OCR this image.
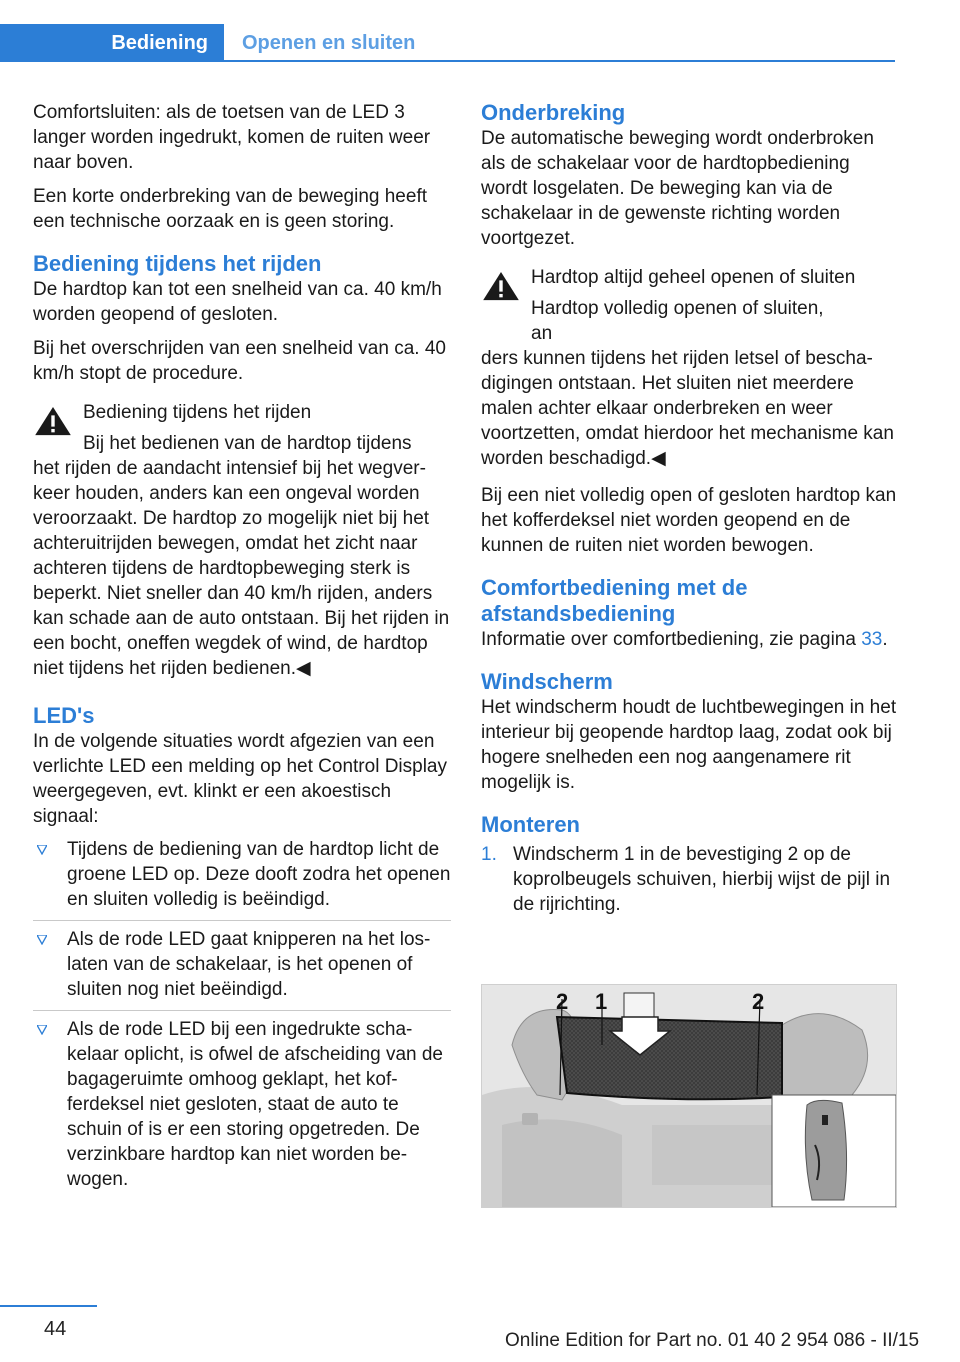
Bediening Openen en sluiten

Comfortsluiten: als de toetsen van de LED 3 langer worden ingedrukt, komen de ruiten weer naar boven.

Een korte onderbreking van de beweging heeft een technische oorzaak en is geen storing.

Bediening tijdens het rijden

De hardtop kan tot een snelheid van ca. 40 km/h worden geopend of gesloten.

Bij het overschrijden van een snelheid van ca. 40 km/h stopt de procedure.

Bediening tijdens het rijden
Bij het bedienen van de hardtop tijdens

het rijden de aandacht intensief bij het wegverkeer houden, anders kan een ongeval worden veroorzaakt. De hardtop zo mogelijk niet bij het achteruitrijden bewegen, omdat het zicht naar achteren tijdens de hardtopbeweging sterk is beperkt. Niet sneller dan 40 km/h rijden, anders kan schade aan de auto ontstaan. Bij het rijden in een bocht, oneffen wegdek of wind, de hardtop niet tijdens het rijden bedienen.◀

LED's

In de volgende situaties wordt afgezien van een verlichte LED een melding op het Control Display weergegeven, evt. klinkt er een akoestisch signaal:

Tijdens de bediening van de hardtop licht de groene LED op. Deze dooft zodra het openen en sluiten volledig is beëindigd.
Als de rode LED gaat knipperen na het loslaten van de schakelaar, is het openen of sluiten nog niet beëindigd.
Als de rode LED bij een ingedrukte schakelaar oplicht, is ofwel de afscheiding van de bagageruimte omhoog geklapt, het kofferdeksel niet gesloten, staat de auto te schuin of is er een storing opgetreden. De verzinkbare hardtop kan niet worden bewogen.
Onderbreking

De automatische beweging wordt onderbroken als de schakelaar voor de hardtopbediening wordt losgelaten. De beweging kan via de schakelaar in de gewenste richting worden voortgezet.

Hardtop altijd geheel openen of sluiten
Hardtop volledig openen of sluiten, an

ders kunnen tijdens het rijden letsel of beschadigingen ontstaan. Het sluiten niet meerdere malen achter elkaar onderbreken en weer voortzetten, omdat hierdoor het mechanisme kan worden beschadigd.◀

Bij een niet volledig open of gesloten hardtop kan het kofferdeksel niet worden geopend en de kunnen de ruiten niet worden bewogen.

Comfortbediening met de afstandsbediening

Informatie over comfortbediening, zie pagina 33.

Windscherm

Het windscherm houdt de luchtbewegingen in het interieur bij geopende hardtop laag, zodat ook bij hogere snelheden een nog aangenamere rit mogelijk is.

Monteren
1. Windscherm 1 in de bevestiging 2 op de koprolbeugels schuiven, hierbij wijst de pijl in de rijrichting.
2 1	2
44
Online Edition for Part no. 01 40 2 954 086 - II/15
